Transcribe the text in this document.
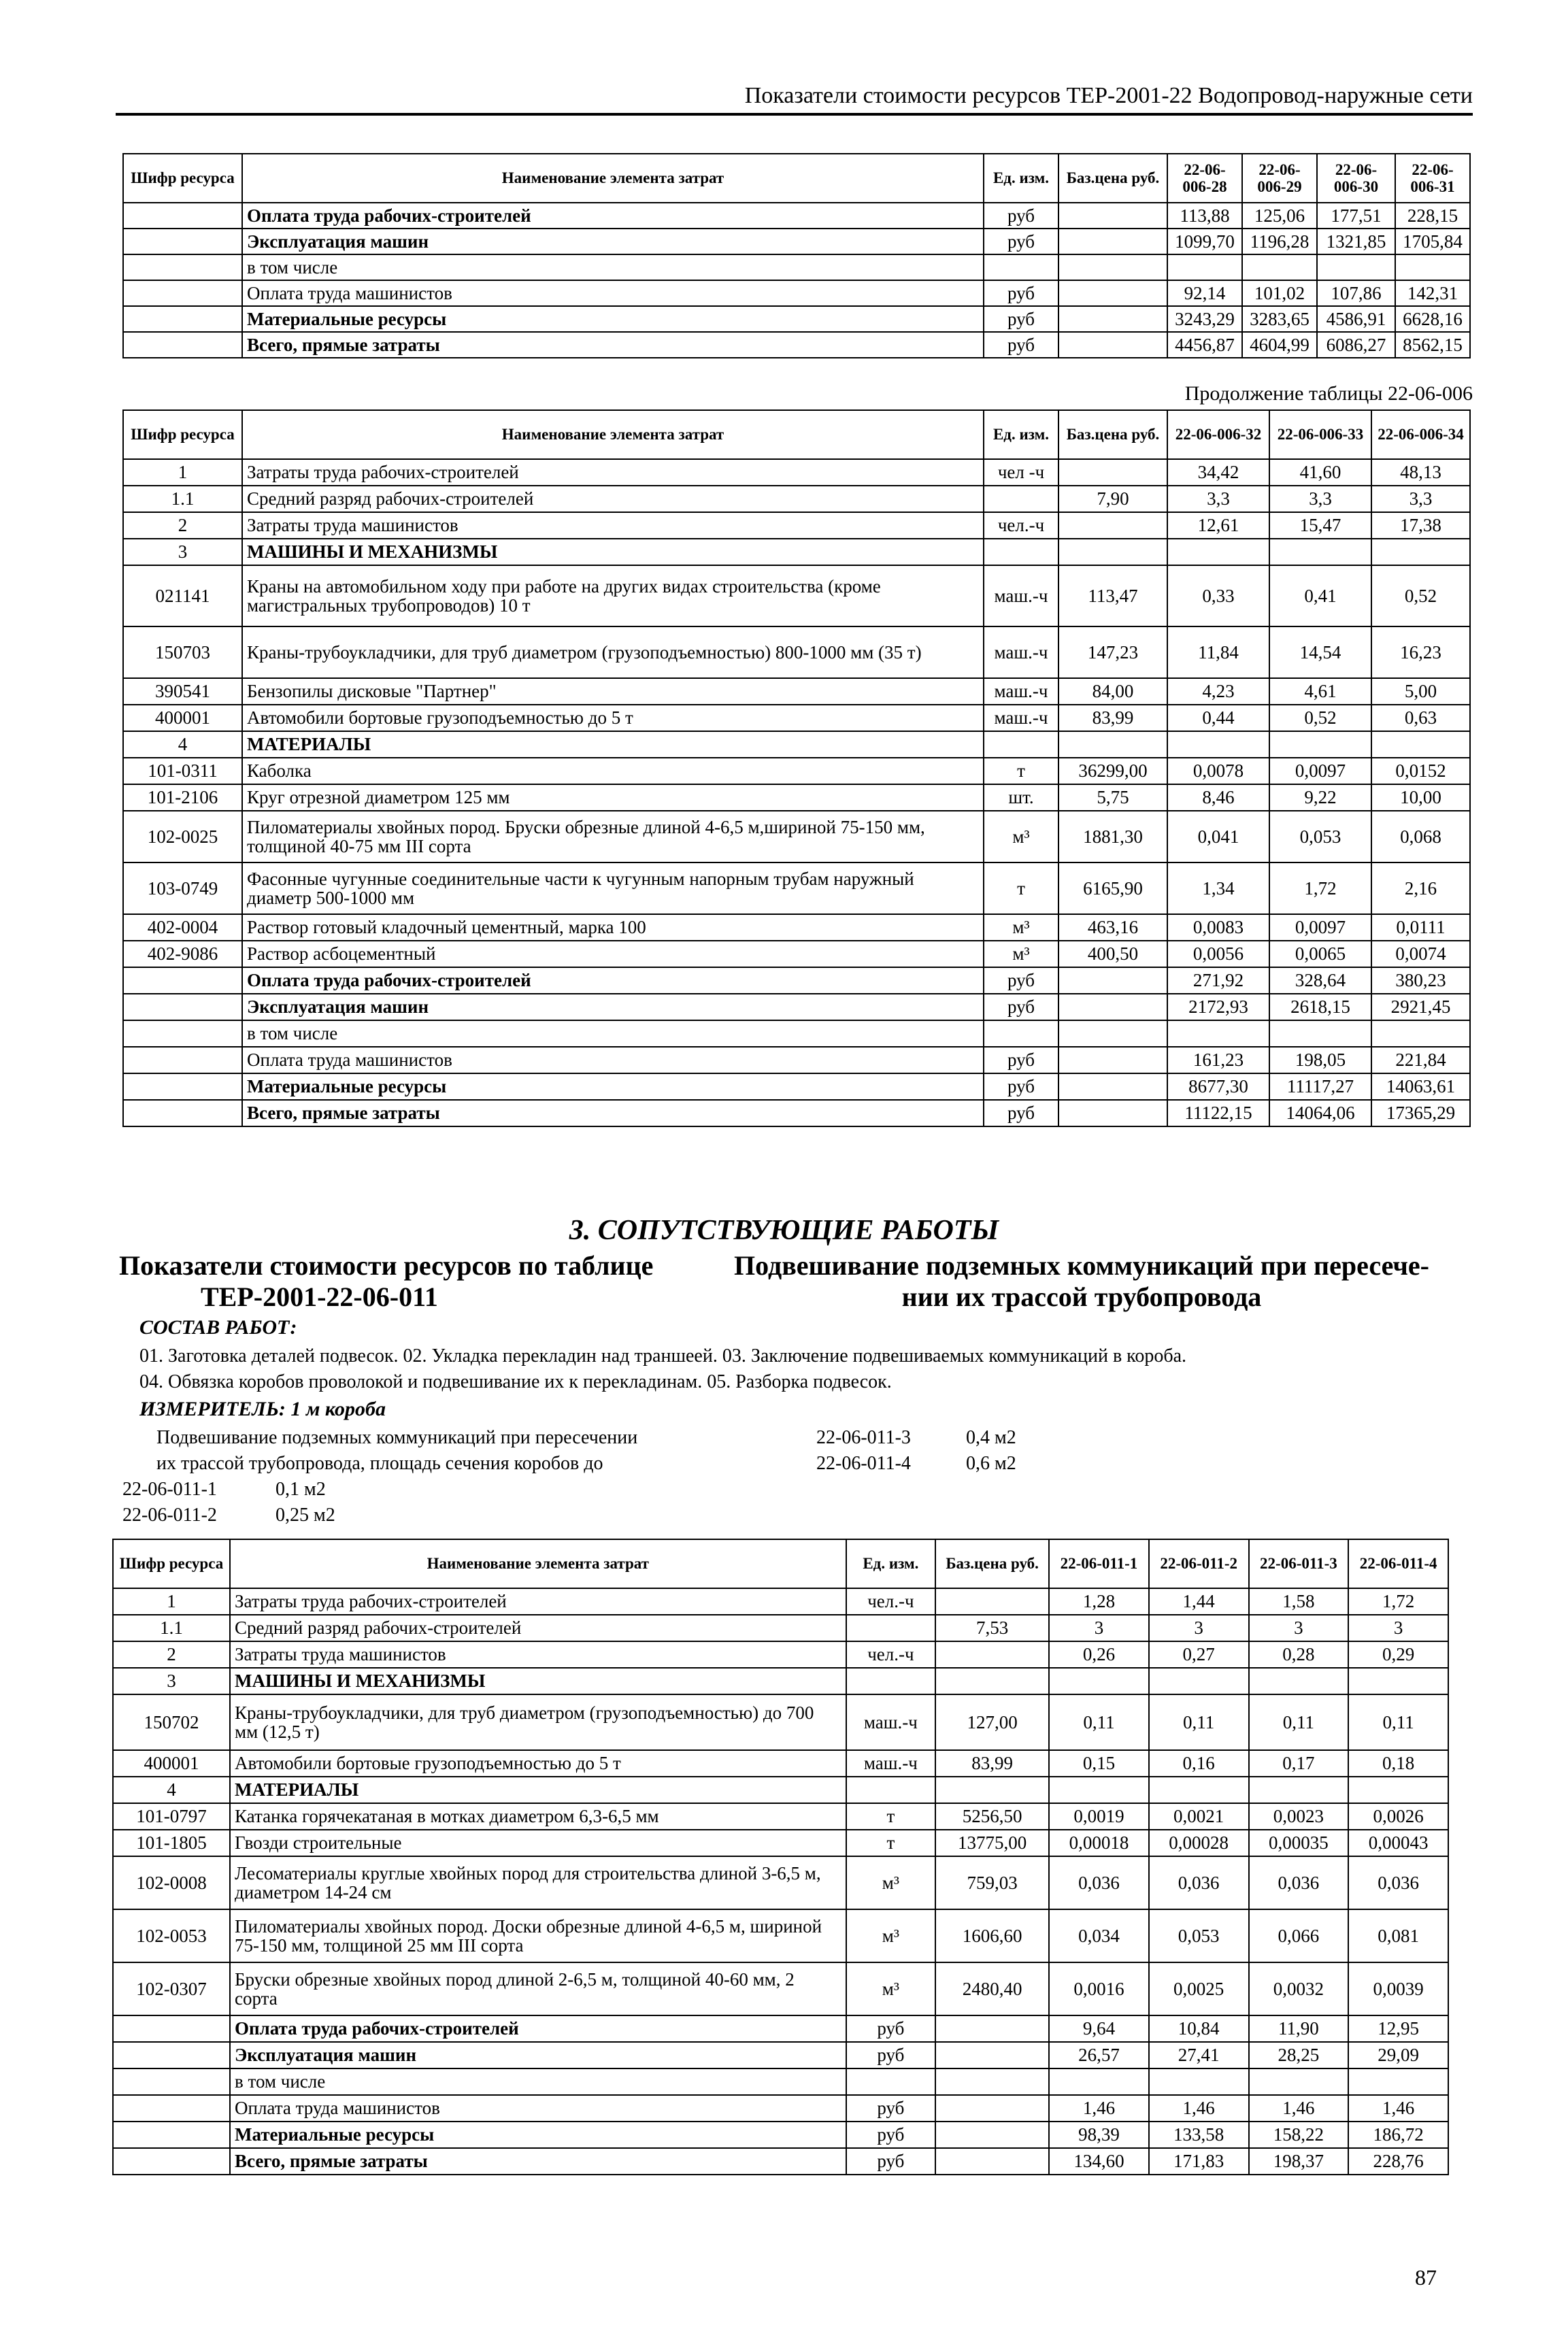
Показатели стоимости ресурсов ТЕР-2001-22 Водопровод-наружные сети
Шифр ресурса	Наименование элемента затрат	Ед. изм.	Баз.цена руб.	22-06-006-28	22-06-006-29	22-06-006-30	22-06-006-31
	Оплата труда рабочих-строителей	руб		113,88	125,06	177,51	228,15
	Эксплуатация машин	руб		1099,70	1196,28	1321,85	1705,84
	в том числе						
	Оплата труда машинистов	руб		92,14	101,02	107,86	142,31
	Материальные ресурсы	руб		3243,29	3283,65	4586,91	6628,16
	Всего, прямые затраты	руб		4456,87	4604,99	6086,27	8562,15
Продолжение таблицы 22-06-006
Шифр ресурса	Наименование элемента затрат	Ед. изм.	Баз.цена руб.	22-06-006-32	22-06-006-33	22-06-006-34
1	Затраты труда рабочих-строителей	чел -ч		34,42	41,60	48,13
1.1	Средний разряд рабочих-строителей		7,90	3,3	3,3	3,3
2	Затраты труда машинистов	чел.-ч		12,61	15,47	17,38
3	МАШИНЫ И МЕХАНИЗМЫ					
021141	Краны на автомобильном ходу при работе на других видах строительства (кроме магистральных трубопроводов) 10 т	маш.-ч	113,47	0,33	0,41	0,52
150703	Краны-трубоукладчики, для труб диаметром (грузоподъемностью) 800-1000 мм (35 т)	маш.-ч	147,23	11,84	14,54	16,23
390541	Бензопилы дисковые "Партнер"	маш.-ч	84,00	4,23	4,61	5,00
400001	Автомобили бортовые грузоподъемностью до 5 т	маш.-ч	83,99	0,44	0,52	0,63
4	МАТЕРИАЛЫ					
101-0311	Каболка	т	36299,00	0,0078	0,0097	0,0152
101-2106	Круг отрезной диаметром 125 мм	шт.	5,75	8,46	9,22	10,00
102-0025	Пиломатериалы хвойных пород. Бруски обрезные длиной 4-6,5 м,шириной 75-150 мм, толщиной 40-75 мм III сорта	м³	1881,30	0,041	0,053	0,068
103-0749	Фасонные чугунные соединительные части к чугунным напорным трубам наружный диаметр 500-1000 мм	т	6165,90	1,34	1,72	2,16
402-0004	Раствор готовый кладочный цементный, марка 100	м³	463,16	0,0083	0,0097	0,0111
402-9086	Раствор асбоцементный	м³	400,50	0,0056	0,0065	0,0074
	Оплата труда рабочих-строителей	руб		271,92	328,64	380,23
	Эксплуатация машин	руб		2172,93	2618,15	2921,45
	в том числе					
	Оплата труда машинистов	руб		161,23	198,05	221,84
	Материальные ресурсы	руб		8677,30	11117,27	14063,61
	Всего, прямые затраты	руб		11122,15	14064,06	17365,29
3. СОПУТСТВУЮЩИЕ РАБОТЫ
Показатели стоимости ресурсов по таблице
ТЕР-2001-22-06-011
Подвешивание подземных коммуникаций при пересече-
нии их трассой трубопровода
СОСТАВ РАБОТ:
01. Заготовка деталей подвесок. 02. Укладка перекладин над траншеей. 03. Заключение подвешиваемых коммуникаций в короба.
04. Обвязка коробов проволокой и подвешивание их к перекладинам. 05. Разборка подвесок.
ИЗМЕРИТЕЛЬ: 1 м короба
Подвешивание подземных коммуникаций при пересечении
их трассой трубопровода, площадь сечения коробов до
22-06-011-3	0,4 м2
22-06-011-4	0,6 м2
22-06-011-1	0,1 м2
22-06-011-2	0,25 м2
Шифр ресурса	Наименование элемента затрат	Ед. изм.	Баз.цена руб.	22-06-011-1	22-06-011-2	22-06-011-3	22-06-011-4
1	Затраты труда рабочих-строителей	чел.-ч		1,28	1,44	1,58	1,72
1.1	Средний разряд рабочих-строителей		7,53	3	3	3	3
2	Затраты труда машинистов	чел.-ч		0,26	0,27	0,28	0,29
3	МАШИНЫ И МЕХАНИЗМЫ						
150702	Краны-трубоукладчики, для труб диаметром (грузоподъемностью) до 700 мм (12,5 т)	маш.-ч	127,00	0,11	0,11	0,11	0,11
400001	Автомобили бортовые грузоподъемностью до 5 т	маш.-ч	83,99	0,15	0,16	0,17	0,18
4	МАТЕРИАЛЫ						
101-0797	Катанка горячекатаная в мотках диаметром 6,3-6,5 мм	т	5256,50	0,0019	0,0021	0,0023	0,0026
101-1805	Гвозди строительные	т	13775,00	0,00018	0,00028	0,00035	0,00043
102-0008	Лесоматериалы круглые хвойных пород для строительства длиной 3-6,5 м, диаметром 14-24 см	м³	759,03	0,036	0,036	0,036	0,036
102-0053	Пиломатериалы хвойных пород. Доски обрезные длиной 4-6,5 м, шириной 75-150 мм, толщиной 25 мм III сорта	м³	1606,60	0,034	0,053	0,066	0,081
102-0307	Бруски обрезные хвойных пород длиной 2-6,5 м, толщиной 40-60 мм, 2 сорта	м³	2480,40	0,0016	0,0025	0,0032	0,0039
	Оплата труда рабочих-строителей	руб		9,64	10,84	11,90	12,95
	Эксплуатация машин	руб		26,57	27,41	28,25	29,09
	в том числе						
	Оплата труда машинистов	руб		1,46	1,46	1,46	1,46
	Материальные ресурсы	руб		98,39	133,58	158,22	186,72
	Всего, прямые затраты	руб		134,60	171,83	198,37	228,76
87
